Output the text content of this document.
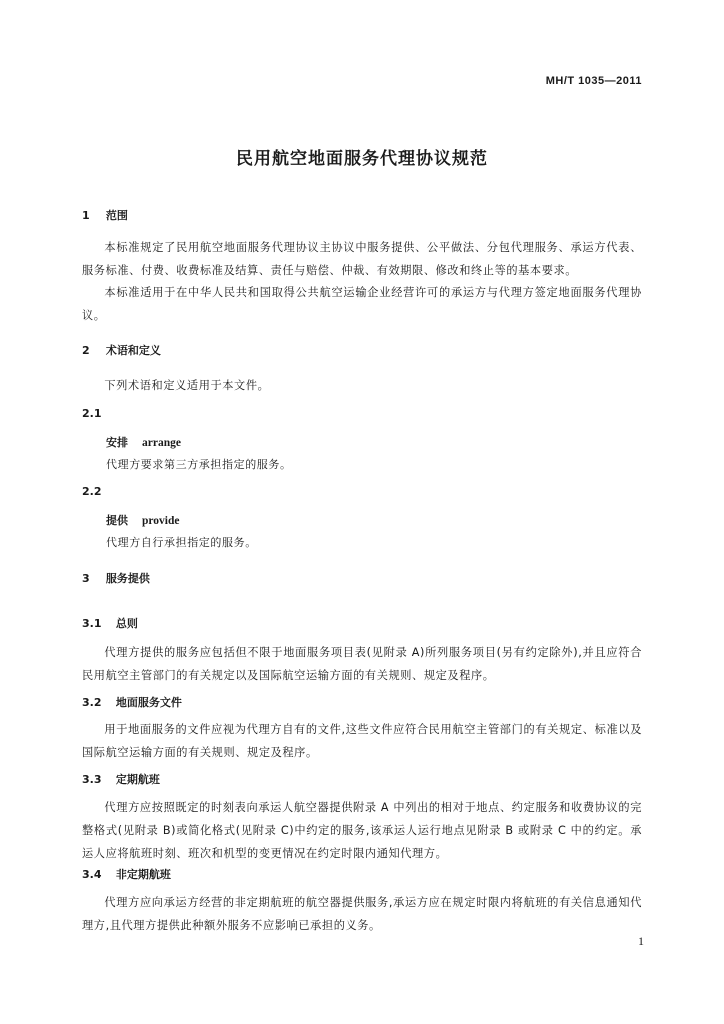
MH/T 1035—2011
民用航空地面服务代理协议规范
1 范围
本标准规定了民用航空地面服务代理协议主协议中服务提供、公平做法、分包代理服务、承运方代表、服务标准、付费、收费标准及结算、责任与赔偿、仲裁、有效期限、修改和终止等的基本要求。
本标准适用于在中华人民共和国取得公共航空运输企业经营许可的承运方与代理方签定地面服务代理协议。
2 术语和定义
下列术语和定义适用于本文件。
2.1
安排 arrange
代理方要求第三方承担指定的服务。
2.2
提供 provide
代理方自行承担指定的服务。
3 服务提供
3.1 总则
代理方提供的服务应包括但不限于地面服务项目表(见附录 A)所列服务项目(另有约定除外),并且应符合民用航空主管部门的有关规定以及国际航空运输方面的有关规则、规定及程序。
3.2 地面服务文件
用于地面服务的文件应视为代理方自有的文件,这些文件应符合民用航空主管部门的有关规定、标准以及国际航空运输方面的有关规则、规定及程序。
3.3 定期航班
代理方应按照既定的时刻表向承运人航空器提供附录 A 中列出的相对于地点、约定服务和收费协议的完整格式(见附录 B)或简化格式(见附录 C)中约定的服务,该承运人运行地点见附录 B 或附录 C 中的约定。承运人应将航班时刻、班次和机型的变更情况在约定时限内通知代理方。
3.4 非定期航班
代理方应向承运方经营的非定期航班的航空器提供服务,承运方应在规定时限内将航班的有关信息通知代理方,且代理方提供此种额外服务不应影响已承担的义务。
1
